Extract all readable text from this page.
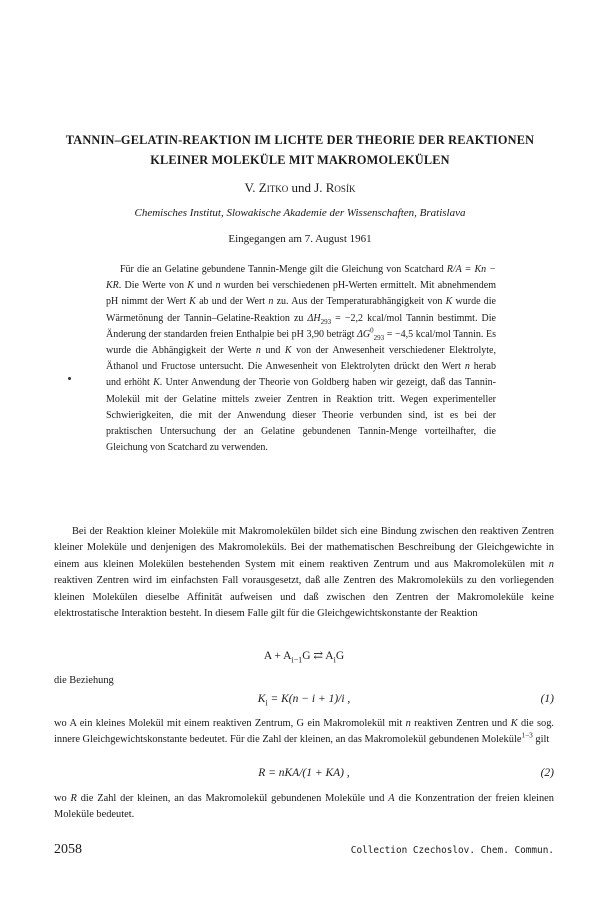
TANNIN–GELATIN-REAKTION IM LICHTE DER THEORIE DER REAKTIONEN KLEINER MOLEKÜLE MIT MAKROMOLEKÜLEN
V. Zitko und J. Rosík
Chemisches Institut, Slowakische Akademie der Wissenschaften, Bratislava
Eingegangen am 7. August 1961

Für die an Gelatine gebundene Tannin-Menge gilt die Gleichung von Scatchard R/A = Kn − KR. Die Werte von K und n wurden bei verschiedenen pH-Werten ermittelt. Mit abnehmendem pH nimmt der Wert K ab und der Wert n zu. Aus der Temperaturabhängigkeit von K wurde die Wärmetönung der Tannin–Gelatine-Reaktion zu $\Delta H_{293} = -2,2$ kcal/mol Tannin bestimmt. Die Änderung der standarden freien Enthalpie bei pH 3,90 beträgt $\Delta G^0_{293} = -4,5$ kcal/mol Tannin. Es wurde die Abhängigkeit der Werte n und K von der Anwesenheit verschiedener Elektrolyte, Äthanol und Fructose untersucht. Die Anwesenheit von Elektrolyten drückt den Wert n herab und erhöht K. Unter Anwendung der Theorie von Goldberg haben wir gezeigt, daß das Tannin-Molekül mit der Gelatine mittels zweier Zentren in Reaktion tritt. Wegen experimenteller Schwierigkeiten, die mit der Anwendung dieser Theorie verbunden sind, ist es bei der praktischen Untersuchung der an Gelatine gebundenen Tannin-Menge vorteilhafter, die Gleichung von Scatchard zu verwenden.

Bei der Reaktion kleiner Moleküle mit Makromolekülen bildet sich eine Bindung zwischen den reaktiven Zentren kleiner Moleküle und denjenigen des Makromoleküls. Bei der mathematischen Beschreibung der Gleichgewichte in einem aus kleinen Molekülen bestehenden System mit einem reaktiven Zentrum und aus Makromolekülen mit n reaktiven Zentren wird im einfachsten Fall vorausgesetzt, daß alle Zentren des Makromoleküls zu den vorliegenden kleinen Molekülen dieselbe Affinität aufweisen und daß zwischen den Zentren der Makromoleküle keine elektrostatische Interaktion besteht. In diesem Falle gilt für die Gleichgewichtskonstante der Reaktion

$A + A_{i-1}G$ ⇄ $A_iG$

die Beziehung

$K_i = K(n - i + 1)/i$ ,	(1)

wo A ein kleines Molekül mit einem reaktiven Zentrum, G ein Makromolekül mit n reaktiven Zentren und K die sog. innere Gleichgewichtskonstante bedeutet. Für die Zahl der kleinen, an das Makromolekül gebundenen Moleküle$^{1-3}$ gilt

R = nKA/(1 + KA) ,	(2)

wo R die Zahl der kleinen, an das Makromolekül gebundenen Moleküle und A die Konzentration der freien kleinen Moleküle bedeutet.

2058	Collection Czechoslov. Chem. Commun.
